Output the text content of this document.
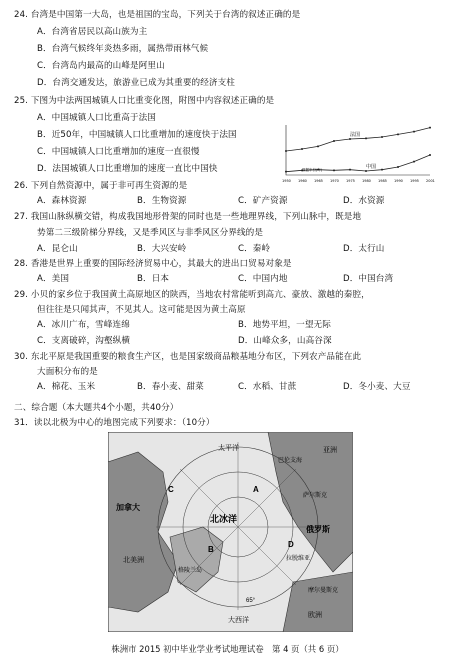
24. 台湾是中国第一大岛，也是祖国的宝岛，下列关于台湾的叙述正确的是
A．台湾省居民以高山族为主
B．台湾气候终年炎热多雨，属热带雨林气候
C．台湾岛内最高的山峰是阿里山
D．台湾交通发达，旅游业已成为其重要的经济支柱
25. 下图为中法两国城镇人口比重变化图，附图中内容叙述正确的是
A．中国城镇人口比重高于法国
B．近50年，中国城镇人口比重增加的速度快于法国
C．中国城镇人口比重增加的速度一直很慢
D．法国城镇人口比重增加的速度一直比中国快
法国
中国
1950 1960 1965 1970 1975 1980 1985 1990 1995 2001
数据年份(年)
26. 下列自然资源中，属于非可再生资源的是
A．森林资源	B．生物资源	C．矿产资源	D．水资源
27. 我国山脉纵横交错，构成我国地形骨架的同时也是一些地理界线，下列山脉中，既是地
势第二三级阶梯分界线，又是季风区与非季风区分界线的是
A．昆仑山	B．大兴安岭	C．秦岭	D．太行山
28. 香港是世界上重要的国际经济贸易中心，其最大的进出口贸易对象是
A．美国	B．日本	C．中国内地	D．中国台湾
29. 小贝的家乡位于我国黄土高原地区的陕西，当地农村常能听到高亢、豪放、激越的秦腔，
但往往是只闻其声，不见其人。这可能是因为黄土高原
A．冰川广布，雪峰连绵	B．地势平坦，一望无际
C．支离破碎，沟壑纵横	D．山峰众多，山高谷深
30. 东北平原是我国重要的粮食生产区，也是国家级商品粮基地分布区，下列农产品能在此
大面积分布的是
A．棉花、玉米	B．春小麦、甜菜	C．水稻、甘蔗	D．冬小麦、大豆
二、综合题（本大题共4个小题，共40分）
31．读以北极为中心的地图完成下列要求：（10分）
北冰洋
加拿大
俄罗斯
巴伦支海
格陵兰岛
萨尔斯克
拉脱维亚
摩尔曼斯克
欧洲
亚洲
北美洲
太平洋
大西洋
65°
A
B
C
D
株洲市 2015 初中毕业学业考试地理试卷　第 4 页（共 6 页）
